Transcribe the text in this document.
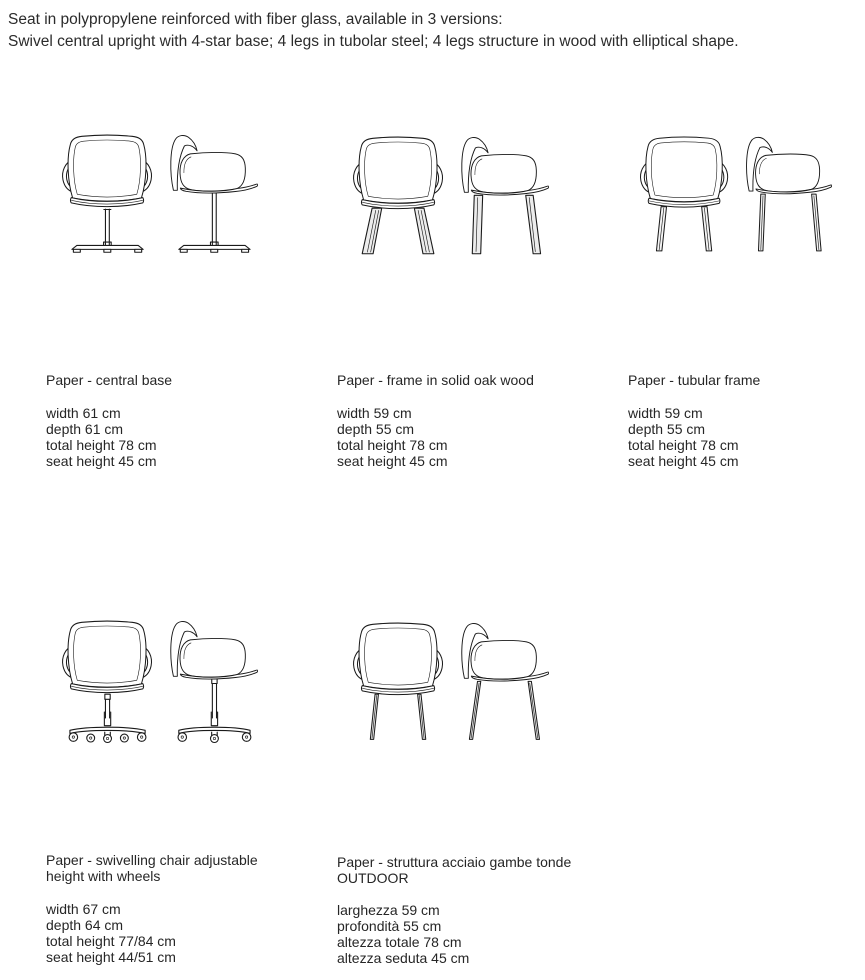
Seat in polypropylene reinforced with fiber glass, available in 3 versions:
Swivel central upright with 4-star base; 4 legs in tubolar steel; 4 legs structure in wood with elliptical shape.
Paper - central base
width 61 cm
depth 61 cm
total height 78 cm
seat height 45 cm
Paper - frame in solid oak wood
width 59 cm
depth 55 cm
total height 78 cm
seat height 45 cm
Paper - tubular frame
width 59 cm
depth 55 cm
total height 78 cm
seat height 45 cm
Paper - swivelling chair adjustable height with wheels
width 67 cm
depth 64 cm
total height 77/84 cm
seat height 44/51 cm
Paper - struttura acciaio gambe tonde OUTDOOR
larghezza 59 cm
profondità 55 cm
altezza totale 78 cm
altezza seduta 45 cm
